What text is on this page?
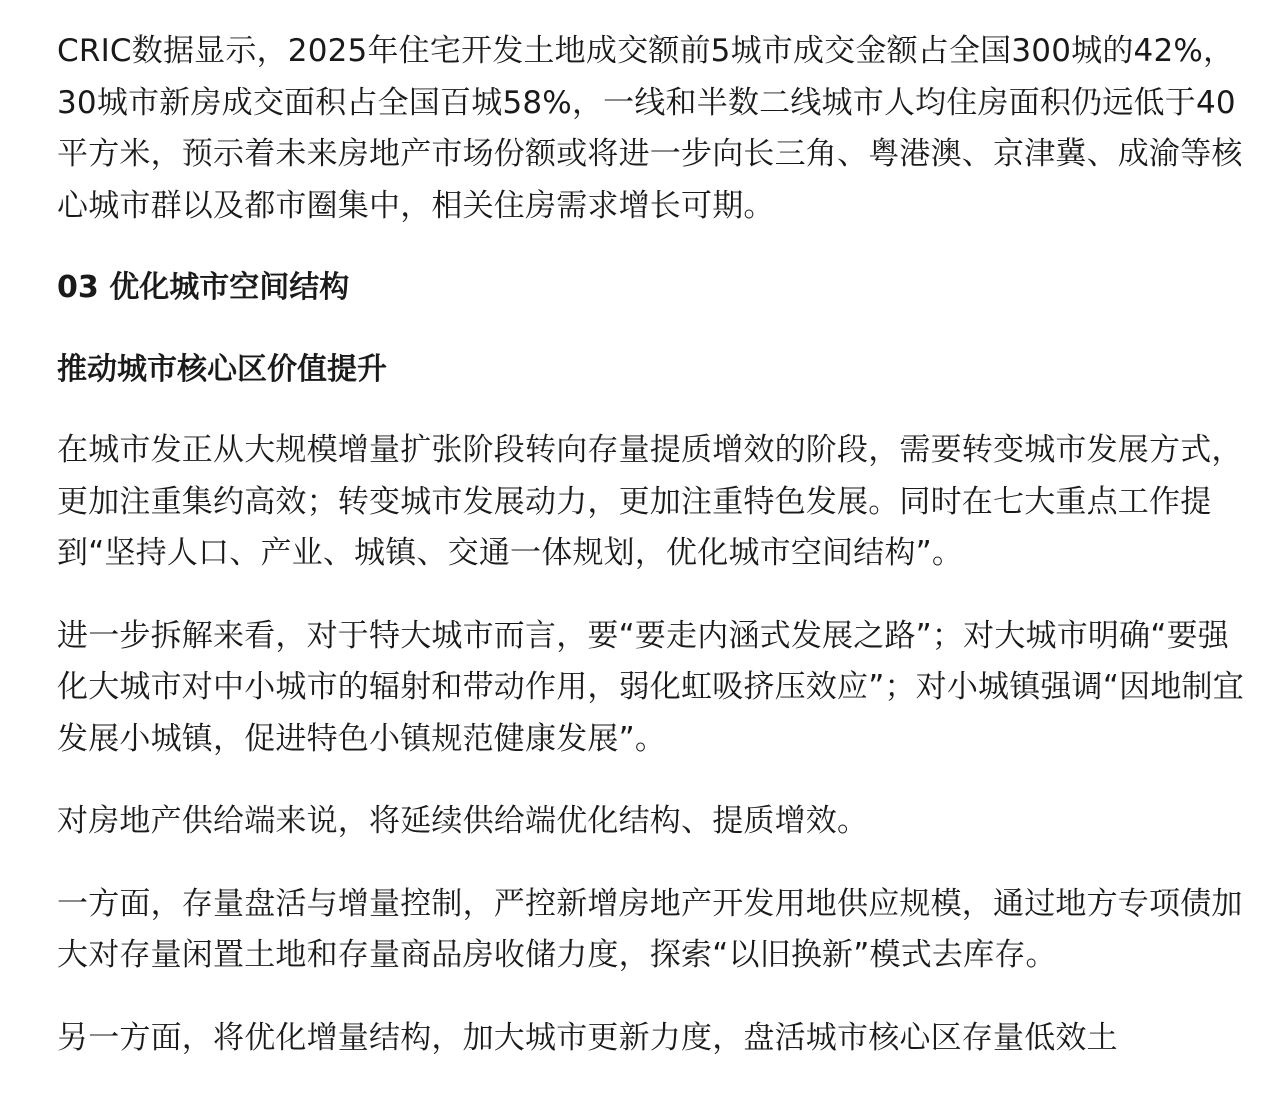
CRIC数据显示，2025年住宅开发土地成交额前5城市成交金额占全国300城的42%，30城市新房成交面积占全国百城58%，一线和半数二线城市人均住房面积仍远低于40平方米，预示着未来房地产市场份额或将进一步向长三角、粤港澳、京津冀、成渝等核心城市群以及都市圈集中，相关住房需求增长可期。

03 优化城市空间结构
推动城市核心区价值提升

在城市发正从大规模增量扩张阶段转向存量提质增效的阶段，需要转变城市发展方式，更加注重集约高效；转变城市发展动力，更加注重特色发展。同时在七大重点工作提到“坚持人口、产业、城镇、交通一体规划，优化城市空间结构”。

进一步拆解来看，对于特大城市而言，要“要走内涵式发展之路”；对大城市明确“要强化大城市对中小城市的辐射和带动作用，弱化虹吸挤压效应”；对小城镇强调“因地制宜发展小城镇，促进特色小镇规范健康发展”。

对房地产供给端来说，将延续供给端优化结构、提质增效。

一方面，存量盘活与增量控制，严控新增房地产开发用地供应规模，通过地方专项债加大对存量闲置土地和存量商品房收储力度，探索“以旧换新”模式去库存。

另一方面，将优化增量结构，加大城市更新力度，盘活城市核心区存量低效土
